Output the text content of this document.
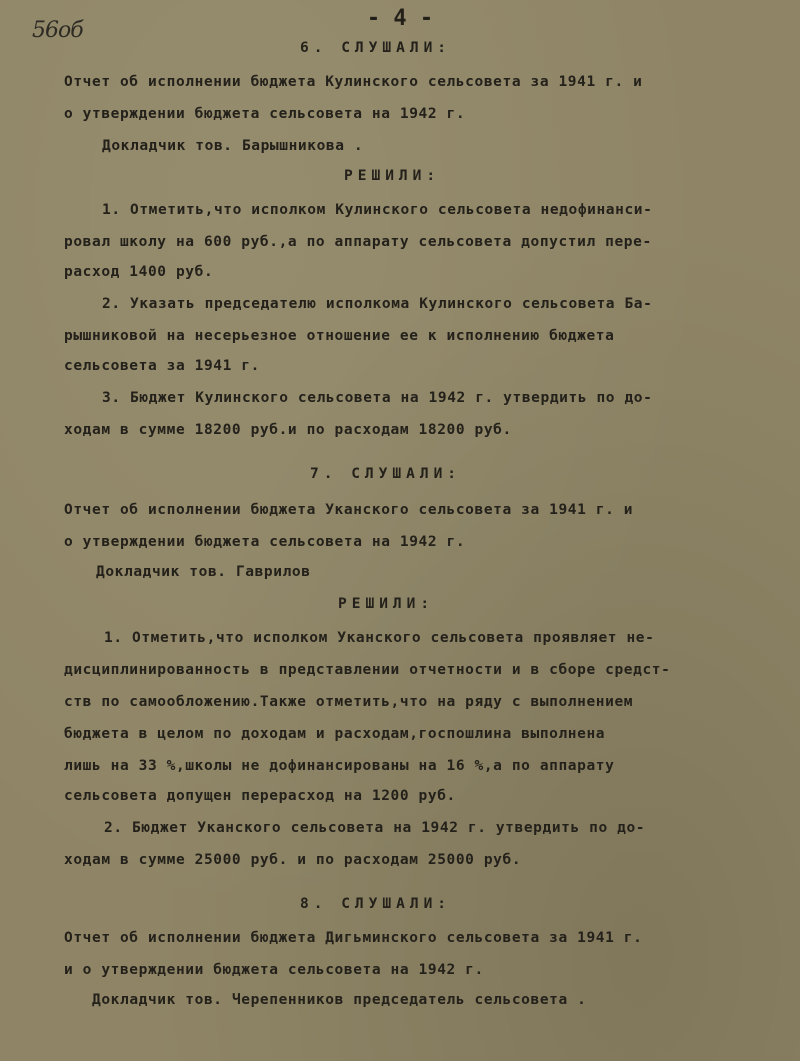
56об	- 4 -
6. СЛУШАЛИ:
Отчет об исполнении бюджета Кулинского сельсовета за 1941 г. и
о утверждении бюджета сельсовета на 1942 г.
Докладчик тов. Барышникова .
РЕШИЛИ:
1. Отметить,что исполком Кулинского сельсовета недофинанси-
ровал школу на 600 руб.,а по аппарату сельсовета допустил пере-
расход 1400 руб.
2. Указать председателю исполкома Кулинского сельсовета Ба-
рышниковой на несерьезное отношение ее к исполнению бюджета
сельсовета за 1941 г.
3. Бюджет Кулинского сельсовета на 1942 г. утвердить по до-
ходам в сумме 18200 руб.и по расходам 18200 руб.
7. СЛУШАЛИ:
Отчет об исполнении бюджета Уканского сельсовета за 1941 г. и
о утверждении бюджета сельсовета на 1942 г.
Докладчик тов. Гаврилов
РЕШИЛИ:
1. Отметить,что исполком Уканского сельсовета проявляет не-
дисциплинированность в представлении отчетности и в сборе средст-
ств по самообложению.Также отметить,что на ряду с выполнением
бюджета в целом по доходам и расходам,госпошлина выполнена
лишь на 33 %,школы не дофинансированы на 16 %,а по аппарату
сельсовета допущен перерасход на 1200 руб.
2. Бюджет Уканского сельсовета на 1942 г. утвердить по до-
ходам в сумме 25000 руб. и по расходам 25000 руб.
8. СЛУШАЛИ:
Отчет об исполнении бюджета Дигьминского сельсовета за 1941 г.
и о утверждении бюджета сельсовета на 1942 г.
Докладчик тов. Черепенников председатель сельсовета .
